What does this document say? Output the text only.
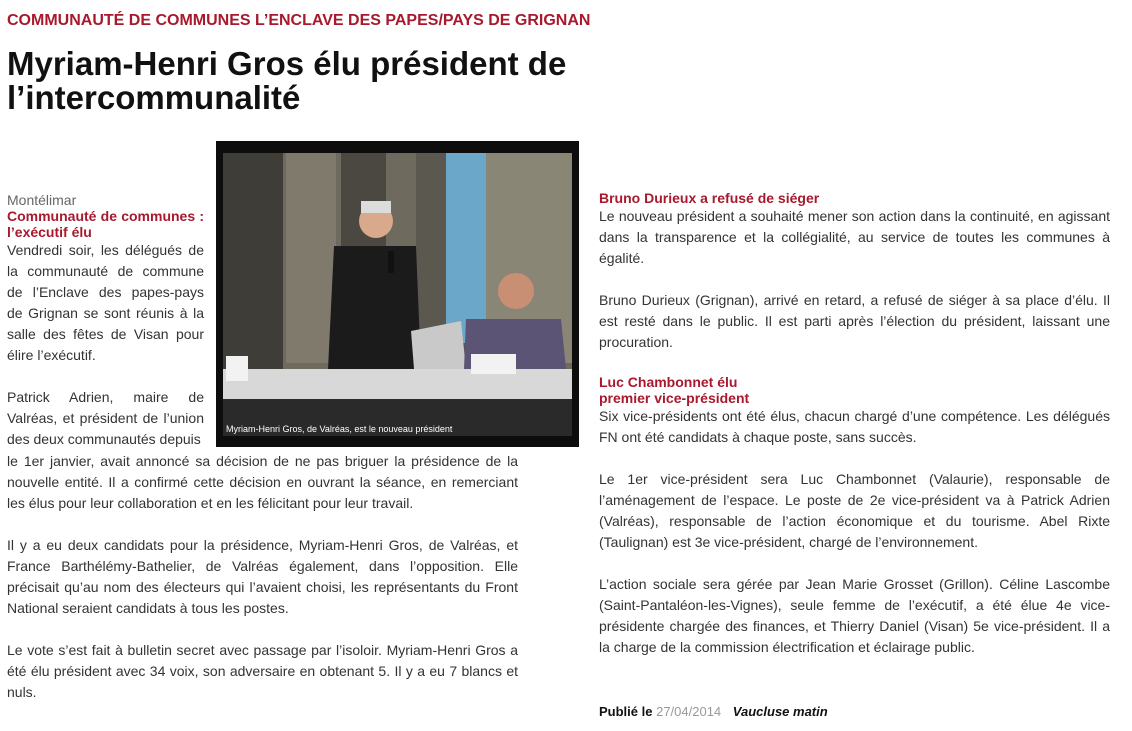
COMMUNAUTÉ DE COMMUNES L’ENCLAVE DES PAPES/PAYS DE GRIGNAN
Myriam-Henri Gros élu président de l’intercommunalité
Myriam-Henri Gros, de Valréas, est le nouveau président

Montélimar

Communauté de communes : l’exécutif élu

Vendredi soir, les délégués de la communauté de commune de l’Enclave des papes-pays de Grignan se sont réunis à la salle des fêtes de Visan pour élire l’exécutif.

Patrick Adrien, maire de Valréas, et président de l’union des deux communautés depuis

le 1er janvier, avait annoncé sa décision de ne pas briguer la présidence de la nouvelle entité. Il a confirmé cette décision en ouvrant la séance, en remerciant les élus pour leur collaboration et en les félicitant pour leur travail.

Il y a eu deux candidats pour la présidence, Myriam-Henri Gros, de Valréas, et France Barthélémy-Bathelier, de Valréas également, dans l’opposition. Elle précisait qu’au nom des électeurs qui l’avaient choisi, les représentants du Front National seraient candidats à tous les postes.

Le vote s’est fait à bulletin secret avec passage par l’isoloir. Myriam-Henri Gros a été élu président avec 34 voix, son adversaire en obtenant 5. Il y a eu 7 blancs et nuls.

Bruno Durieux a refusé de siéger

Le nouveau président a souhaité mener son action dans la continuité, en agissant dans la transparence et la collégialité, au service de toutes les communes à égalité.

Bruno Durieux (Grignan), arrivé en retard, a refusé de siéger à sa place d’élu. Il est resté dans le public. Il est parti après l’élection du président, laissant une procuration.

Luc Chambonnet élu

premier vice-président

Six vice-présidents ont été élus, chacun chargé d’une compétence. Les délégués FN ont été candidats à chaque poste, sans succès.

Le 1er vice-président sera Luc Chambonnet (Valaurie), responsable de l’aménagement de l’espace. Le poste de 2e vice-président va à Patrick Adrien (Valréas), responsable de l’action économique et du tourisme. Abel Rixte (Taulignan) est 3e vice-président, chargé de l’environnement.

L’action sociale sera gérée par Jean Marie Grosset (Grillon). Céline Lascombe (Saint-Pantaléon-les-Vignes), seule femme de l’exécutif, a été élue 4e vice-présidente chargée des finances, et Thierry Daniel (Visan) 5e vice-président. Il a la charge de la commission électrification et éclairage public.

Publié le 27/04/2014 Vaucluse matin
